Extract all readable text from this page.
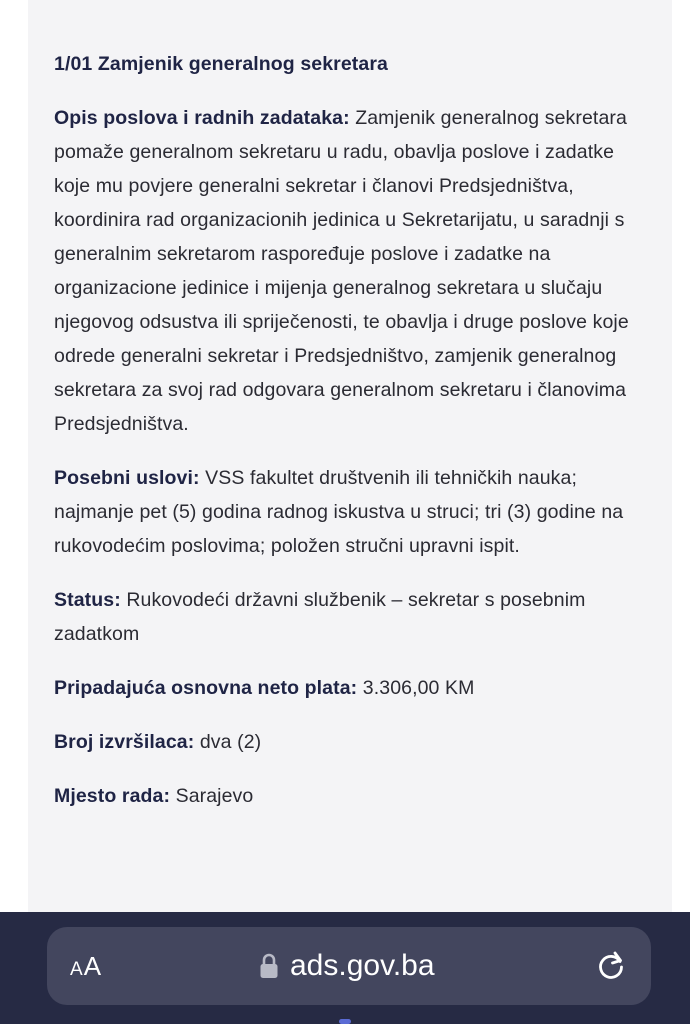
1/01 Zamjenik generalnog sekretara

Opis poslova i radnih zadataka: Zamjenik generalnog sekretara pomaže generalnom sekretaru u radu, obavlja poslove i zadatke koje mu povjere generalni sekretar i članovi Predsjedništva, koordinira rad organizacionih jedinica u Sekretarijatu, u saradnji s generalnim sekretarom raspoređuje poslove i zadatke na organizacione jedinice i mijenja generalnog sekretara u slučaju njegovog odsustva ili spriječenosti, te obavlja i druge poslove koje odrede generalni sekretar i Predsjedništvo, zamjenik generalnog sekretara za svoj rad odgovara generalnom sekretaru i članovima Predsjedništva.

Posebni uslovi: VSS fakultet društvenih ili tehničkih nauka; najmanje pet (5) godina radnog iskustva u struci; tri (3) godine na rukovodećim poslovima; položen stručni upravni ispit.

Status: Rukovodeći državni službenik – sekretar s posebnim zadatkom

Pripadajuća osnovna neto plata: 3.306,00 KM

Broj izvršilaca: dva (2)

Mjesto rada: Sarajevo

AA	ads.gov.ba
